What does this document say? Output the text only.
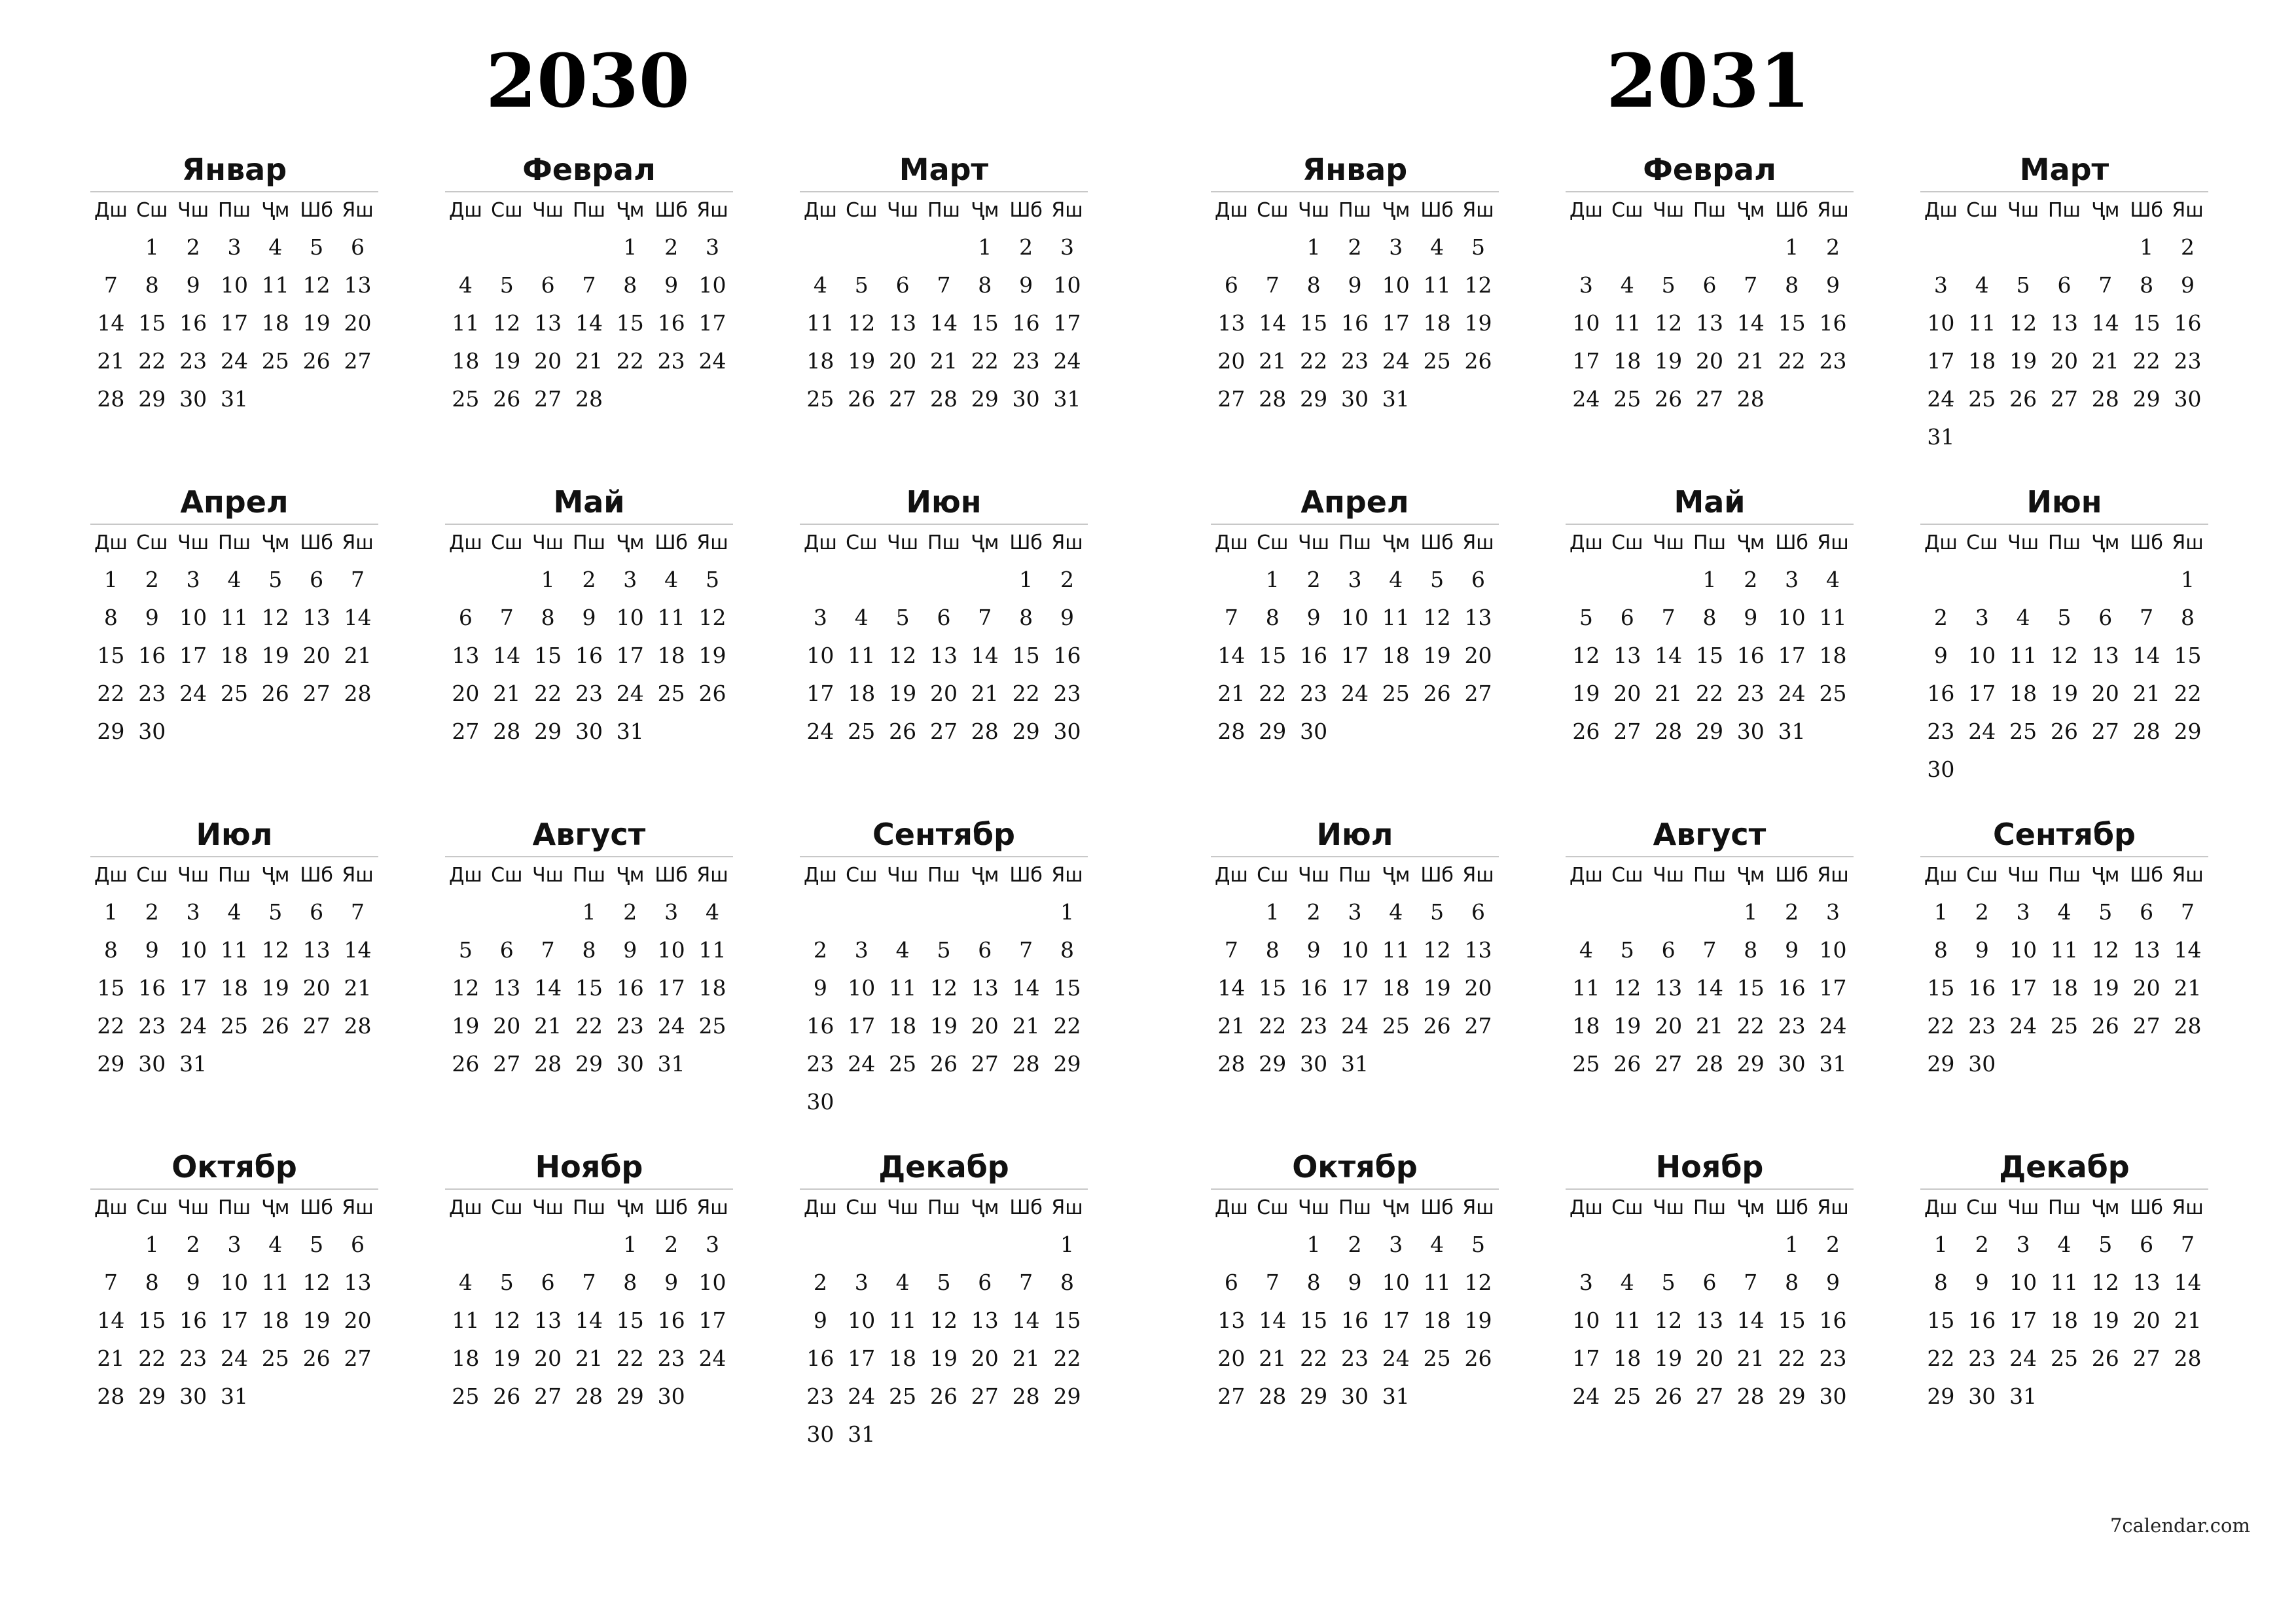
2030
Январ
Дш	Сш	Чш	Пш	Ҷм	Шб	Яш
	1	2	3	4	5	6
7	8	9	10	11	12	13
14	15	16	17	18	19	20
21	22	23	24	25	26	27
28	29	30	31			
Феврал
Дш	Сш	Чш	Пш	Ҷм	Шб	Яш
				1	2	3
4	5	6	7	8	9	10
11	12	13	14	15	16	17
18	19	20	21	22	23	24
25	26	27	28			
Март
Дш	Сш	Чш	Пш	Ҷм	Шб	Яш
				1	2	3
4	5	6	7	8	9	10
11	12	13	14	15	16	17
18	19	20	21	22	23	24
25	26	27	28	29	30	31
Апрел
Дш	Сш	Чш	Пш	Ҷм	Шб	Яш
1	2	3	4	5	6	7
8	9	10	11	12	13	14
15	16	17	18	19	20	21
22	23	24	25	26	27	28
29	30					
Май
Дш	Сш	Чш	Пш	Ҷм	Шб	Яш
		1	2	3	4	5
6	7	8	9	10	11	12
13	14	15	16	17	18	19
20	21	22	23	24	25	26
27	28	29	30	31		
Июн
Дш	Сш	Чш	Пш	Ҷм	Шб	Яш
					1	2
3	4	5	6	7	8	9
10	11	12	13	14	15	16
17	18	19	20	21	22	23
24	25	26	27	28	29	30
Июл
Дш	Сш	Чш	Пш	Ҷм	Шб	Яш
1	2	3	4	5	6	7
8	9	10	11	12	13	14
15	16	17	18	19	20	21
22	23	24	25	26	27	28
29	30	31				
Август
Дш	Сш	Чш	Пш	Ҷм	Шб	Яш
			1	2	3	4
5	6	7	8	9	10	11
12	13	14	15	16	17	18
19	20	21	22	23	24	25
26	27	28	29	30	31	
Сентябр
Дш	Сш	Чш	Пш	Ҷм	Шб	Яш
						1
2	3	4	5	6	7	8
9	10	11	12	13	14	15
16	17	18	19	20	21	22
23	24	25	26	27	28	29
30						
Октябр
Дш	Сш	Чш	Пш	Ҷм	Шб	Яш
	1	2	3	4	5	6
7	8	9	10	11	12	13
14	15	16	17	18	19	20
21	22	23	24	25	26	27
28	29	30	31			
Ноябр
Дш	Сш	Чш	Пш	Ҷм	Шб	Яш
				1	2	3
4	5	6	7	8	9	10
11	12	13	14	15	16	17
18	19	20	21	22	23	24
25	26	27	28	29	30	
Декабр
Дш	Сш	Чш	Пш	Ҷм	Шб	Яш
						1
2	3	4	5	6	7	8
9	10	11	12	13	14	15
16	17	18	19	20	21	22
23	24	25	26	27	28	29
30	31					
2031
Январ
Дш	Сш	Чш	Пш	Ҷм	Шб	Яш
		1	2	3	4	5
6	7	8	9	10	11	12
13	14	15	16	17	18	19
20	21	22	23	24	25	26
27	28	29	30	31		
Феврал
Дш	Сш	Чш	Пш	Ҷм	Шб	Яш
					1	2
3	4	5	6	7	8	9
10	11	12	13	14	15	16
17	18	19	20	21	22	23
24	25	26	27	28		
Март
Дш	Сш	Чш	Пш	Ҷм	Шб	Яш
					1	2
3	4	5	6	7	8	9
10	11	12	13	14	15	16
17	18	19	20	21	22	23
24	25	26	27	28	29	30
31						
Апрел
Дш	Сш	Чш	Пш	Ҷм	Шб	Яш
	1	2	3	4	5	6
7	8	9	10	11	12	13
14	15	16	17	18	19	20
21	22	23	24	25	26	27
28	29	30				
Май
Дш	Сш	Чш	Пш	Ҷм	Шб	Яш
			1	2	3	4
5	6	7	8	9	10	11
12	13	14	15	16	17	18
19	20	21	22	23	24	25
26	27	28	29	30	31	
Июн
Дш	Сш	Чш	Пш	Ҷм	Шб	Яш
						1
2	3	4	5	6	7	8
9	10	11	12	13	14	15
16	17	18	19	20	21	22
23	24	25	26	27	28	29
30						
Июл
Дш	Сш	Чш	Пш	Ҷм	Шб	Яш
	1	2	3	4	5	6
7	8	9	10	11	12	13
14	15	16	17	18	19	20
21	22	23	24	25	26	27
28	29	30	31			
Август
Дш	Сш	Чш	Пш	Ҷм	Шб	Яш
				1	2	3
4	5	6	7	8	9	10
11	12	13	14	15	16	17
18	19	20	21	22	23	24
25	26	27	28	29	30	31
Сентябр
Дш	Сш	Чш	Пш	Ҷм	Шб	Яш
1	2	3	4	5	6	7
8	9	10	11	12	13	14
15	16	17	18	19	20	21
22	23	24	25	26	27	28
29	30					
Октябр
Дш	Сш	Чш	Пш	Ҷм	Шб	Яш
		1	2	3	4	5
6	7	8	9	10	11	12
13	14	15	16	17	18	19
20	21	22	23	24	25	26
27	28	29	30	31		
Ноябр
Дш	Сш	Чш	Пш	Ҷм	Шб	Яш
					1	2
3	4	5	6	7	8	9
10	11	12	13	14	15	16
17	18	19	20	21	22	23
24	25	26	27	28	29	30
Декабр
Дш	Сш	Чш	Пш	Ҷм	Шб	Яш
1	2	3	4	5	6	7
8	9	10	11	12	13	14
15	16	17	18	19	20	21
22	23	24	25	26	27	28
29	30	31				
7calendar.com
